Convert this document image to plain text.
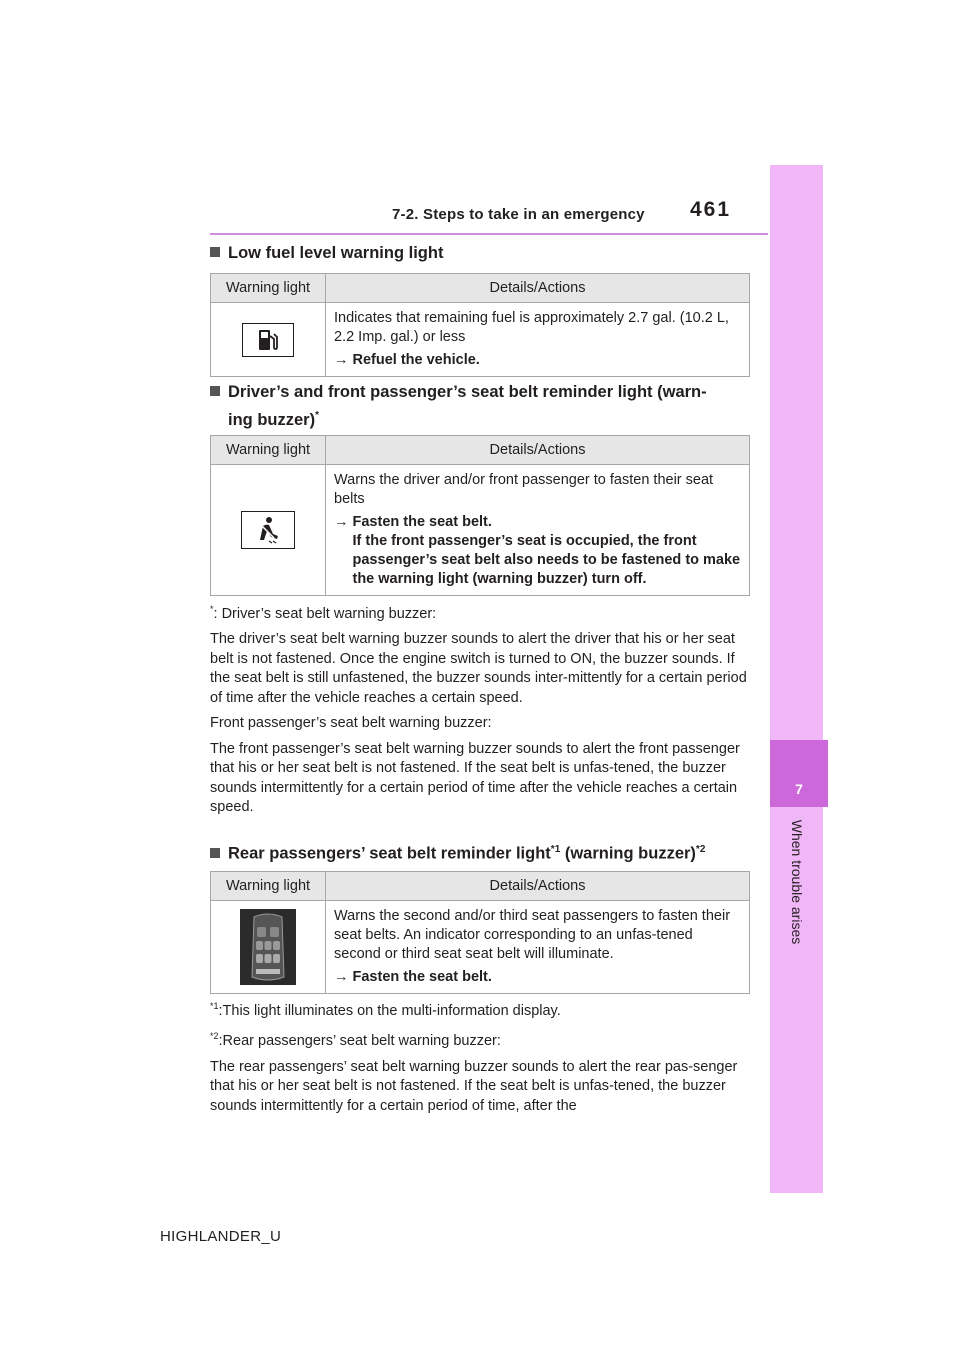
7-2. Steps to take in an emergency 461
7
When trouble arises
Low fuel level warning light
Warning light	Details/Actions

Indicates that remaining fuel is approximately 2.7 gal. (10.2 L, 2.2 Imp. gal.) or less
→ Refuel the vehicle.
Driver’s and front passenger’s seat belt reminder light (warn-
ing buzzer)*
Warning light	Details/Actions

Warns the driver and/or front passenger to fasten their seat belts
→ Fasten the seat belt.
If the front passenger’s seat is occupied, the front passenger’s seat belt also needs to be fastened to make the warning light (warning buzzer) turn off.

*: Driver’s seat belt warning buzzer:

The driver’s seat belt warning buzzer sounds to alert the driver that his or her seat belt is not fastened. Once the engine switch is turned to ON, the buzzer sounds. If the seat belt is still unfastened, the buzzer sounds inter-mittently for a certain period of time after the vehicle reaches a certain speed.

Front passenger’s seat belt warning buzzer:

The front passenger’s seat belt warning buzzer sounds to alert the front passenger that his or her seat belt is not fastened. If the seat belt is unfas-tened, the buzzer sounds intermittently for a certain period of time after the vehicle reaches a certain speed.

Rear passengers’ seat belt reminder light$^{*1}$ (warning buzzer)$^{*2}$
Warning light	Details/Actions

Warns the second and/or third seat passengers to fasten their seat belts. An indicator corresponding to an unfas-tened second or third seat seat belt will illuminate.
→ Fasten the seat belt.

$^{*1}$:This light illuminates on the multi-information display.

$^{*2}$:Rear passengers’ seat belt warning buzzer:

The rear passengers’ seat belt warning buzzer sounds to alert the rear pas-senger that his or her seat belt is not fastened. If the seat belt is unfas-tened, the buzzer sounds intermittently for a certain period of time, after the

HIGHLANDER_U
